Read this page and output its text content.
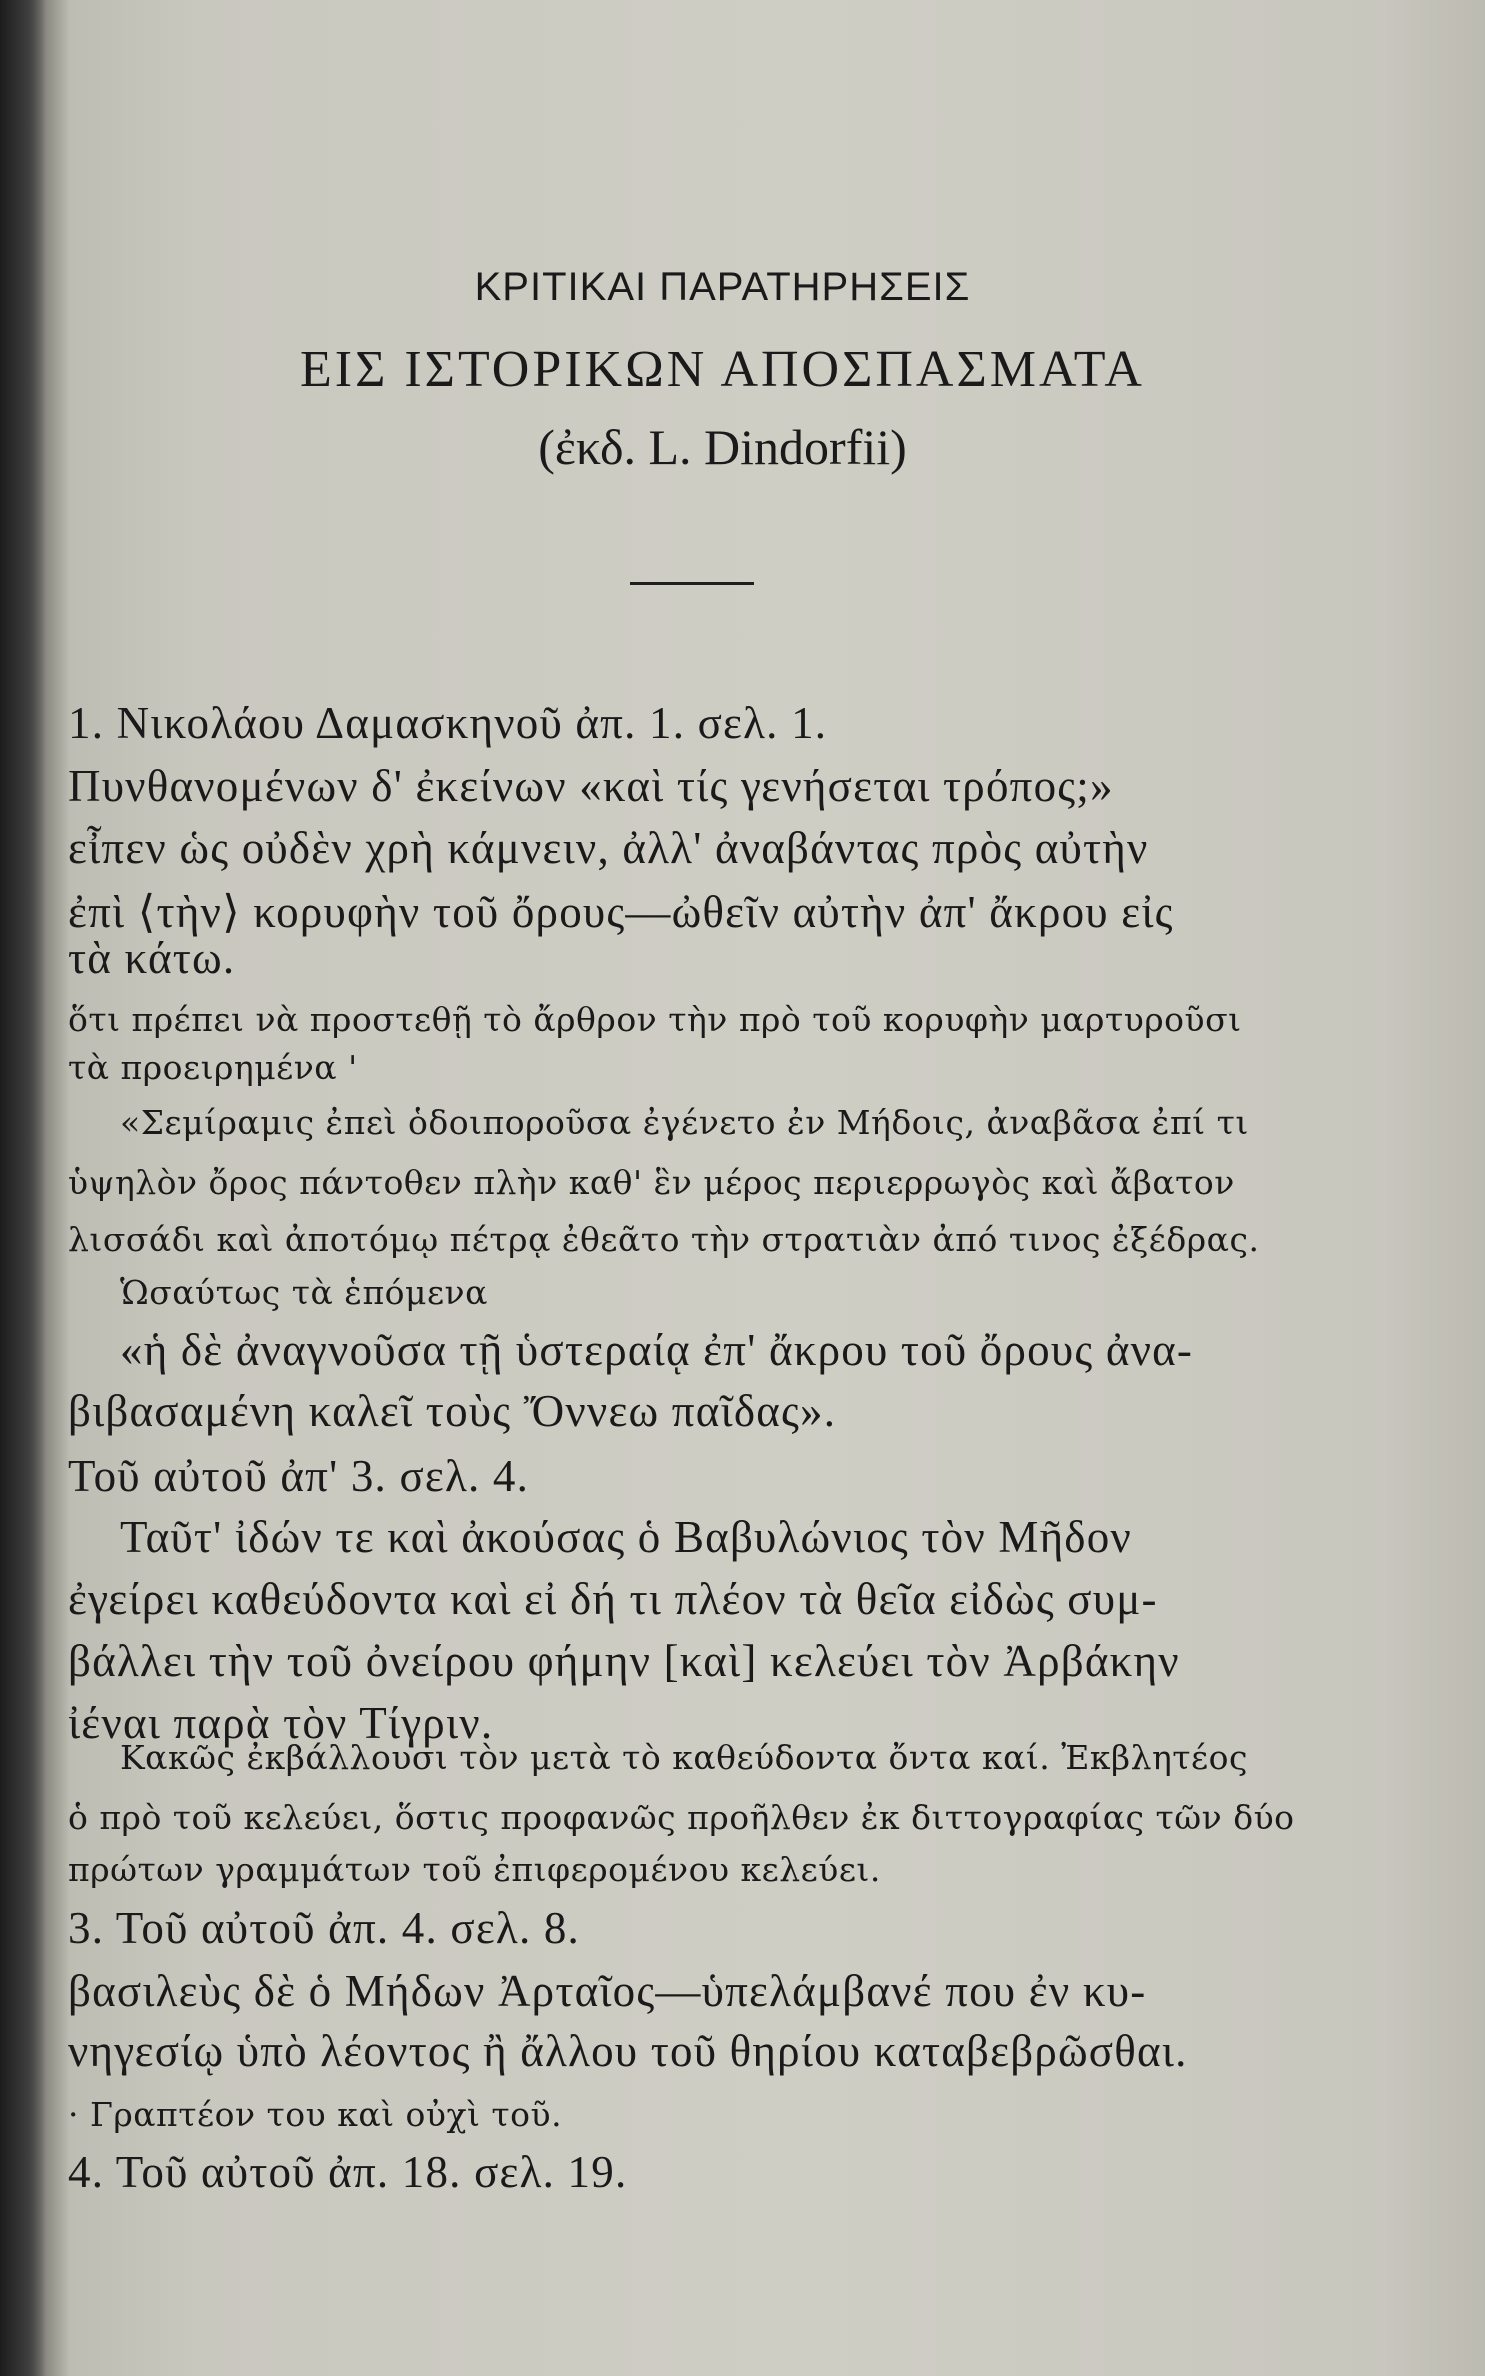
ΚΡΙΤΙΚΑΙ ΠΑΡΑΤΗΡΗΣΕΙΣ
ΕΙΣ ΙΣΤΟΡΙΚΩΝ ΑΠΟΣΠΑΣΜΑΤΑ
(ἐκδ. L. Dindorfii)
1. Νικολάου Δαμασκηνοῦ ἀπ. 1. σελ. 1.
Πυνθανομένων δ' ἐκείνων «καὶ τίς γενήσεται τρόπος;»
εἶπεν ὡς οὐδὲν χρὴ κάμνειν, ἀλλ' ἀναβάντας πρὸς αὐτὴν
ἐπὶ ⟨τὴν⟩ κορυφὴν τοῦ ὄρους—ὠθεῖν αὐτὴν ἀπ' ἄκρου εἰς
τὰ κάτω.
ὅτι πρέπει νὰ προστεθῇ τὸ ἄρθρον τὴν πρὸ τοῦ κορυφὴν μαρτυροῦσι
τὰ προειρημένα '
«Σεμίραμις ἐπεὶ ὁδοιποροῦσα ἐγένετο ἐν Μήδοις, ἀναβᾶσα ἐπί τι
ὑψηλὸν ὄρος πάντοθεν πλὴν καθ' ἓν μέρος περιερρωγὸς καὶ ἄβατον
λισσάδι καὶ ἀποτόμῳ πέτρᾳ ἐθεᾶτο τὴν στρατιὰν ἀπό τινος ἐξέδρας.
Ὡσαύτως τὰ ἑπόμενα
«ἡ δὲ ἀναγνοῦσα τῇ ὑστεραίᾳ ἐπ' ἄκρου τοῦ ὄρους ἀνα-
βιβασαμένη καλεῖ τοὺς Ὄννεω παῖδας».
Τοῦ αὐτοῦ ἀπ' 3. σελ. 4.
Ταῦτ' ἰδών τε καὶ ἀκούσας ὁ Βαβυλώνιος τὸν Μῆδον
ἐγείρει καθεύδοντα καὶ εἰ δή τι πλέον τὰ θεῖα εἰδὼς συμ-
βάλλει τὴν τοῦ ὀνείρου φήμην [καὶ] κελεύει τὸν Ἀρβάκην
ἰέναι παρὰ τὸν Τίγριν.
Κακῶς ἐκβάλλουσι τὸν μετὰ τὸ καθεύδοντα ὄντα καί. Ἐκβλητέος
ὁ πρὸ τοῦ κελεύει, ὅστις προφανῶς προῆλθεν ἐκ διττογραφίας τῶν δύο
πρώτων γραμμάτων τοῦ ἐπιφερομένου κελεύει.
3. Τοῦ αὐτοῦ ἀπ. 4. σελ. 8.
βασιλεὺς δὲ ὁ Μήδων Ἀρταῖος—ὑπελάμβανέ που ἐν κυ-
νηγεσίῳ ὑπὸ λέοντος ἢ ἄλλου τοῦ θηρίου καταβεβρῶσθαι.
· Γραπτέον του καὶ οὐχὶ τοῦ.
4. Τοῦ αὐτοῦ ἀπ. 18. σελ. 19.
